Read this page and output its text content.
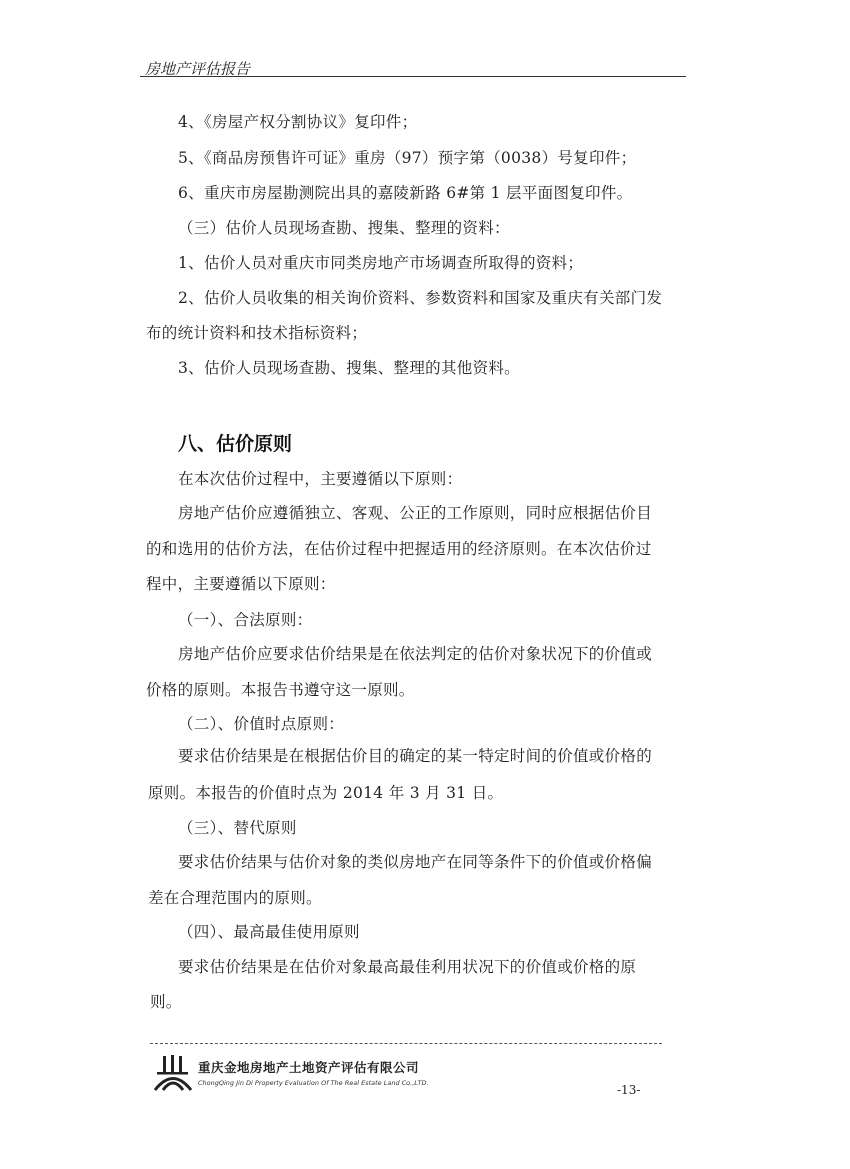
房地产评估报告
4、《房屋产权分割协议》复印件；
5、《商品房预售许可证》重房（97）预字第（0038）号复印件；
6、重庆市房屋勘测院出具的嘉陵新路 6#第 1 层平面图复印件。
（三）估价人员现场查勘、搜集、整理的资料：
1、估价人员对重庆市同类房地产市场调查所取得的资料；
2、估价人员收集的相关询价资料、参数资料和国家及重庆有关部门发
布的统计资料和技术指标资料；
3、估价人员现场查勘、搜集、整理的其他资料。
八、估价原则
在本次估价过程中，主要遵循以下原则：
房地产估价应遵循独立、客观、公正的工作原则，同时应根据估价目
的和选用的估价方法，在估价过程中把握适用的经济原则。在本次估价过
程中，主要遵循以下原则：
（一）、合法原则：
房地产估价应要求估价结果是在依法判定的估价对象状况下的价值或
价格的原则。本报告书遵守这一原则。
（二）、价值时点原则：
要求估价结果是在根据估价目的确定的某一特定时间的价值或价格的
原则。本报告的价值时点为 2014 年 3 月 31 日。
（三）、替代原则
要求估价结果与估价对象的类似房地产在同等条件下的价值或价格偏
差在合理范围内的原则。
（四）、最高最佳使用原则
要求估价结果是在估价对象最高最佳利用状况下的价值或价格的原
则。
重庆金地房地产土地资产评估有限公司
ChongQing Jin Di Property Evaluation Of The Real Estate Land Co.,LTD.	-13-
